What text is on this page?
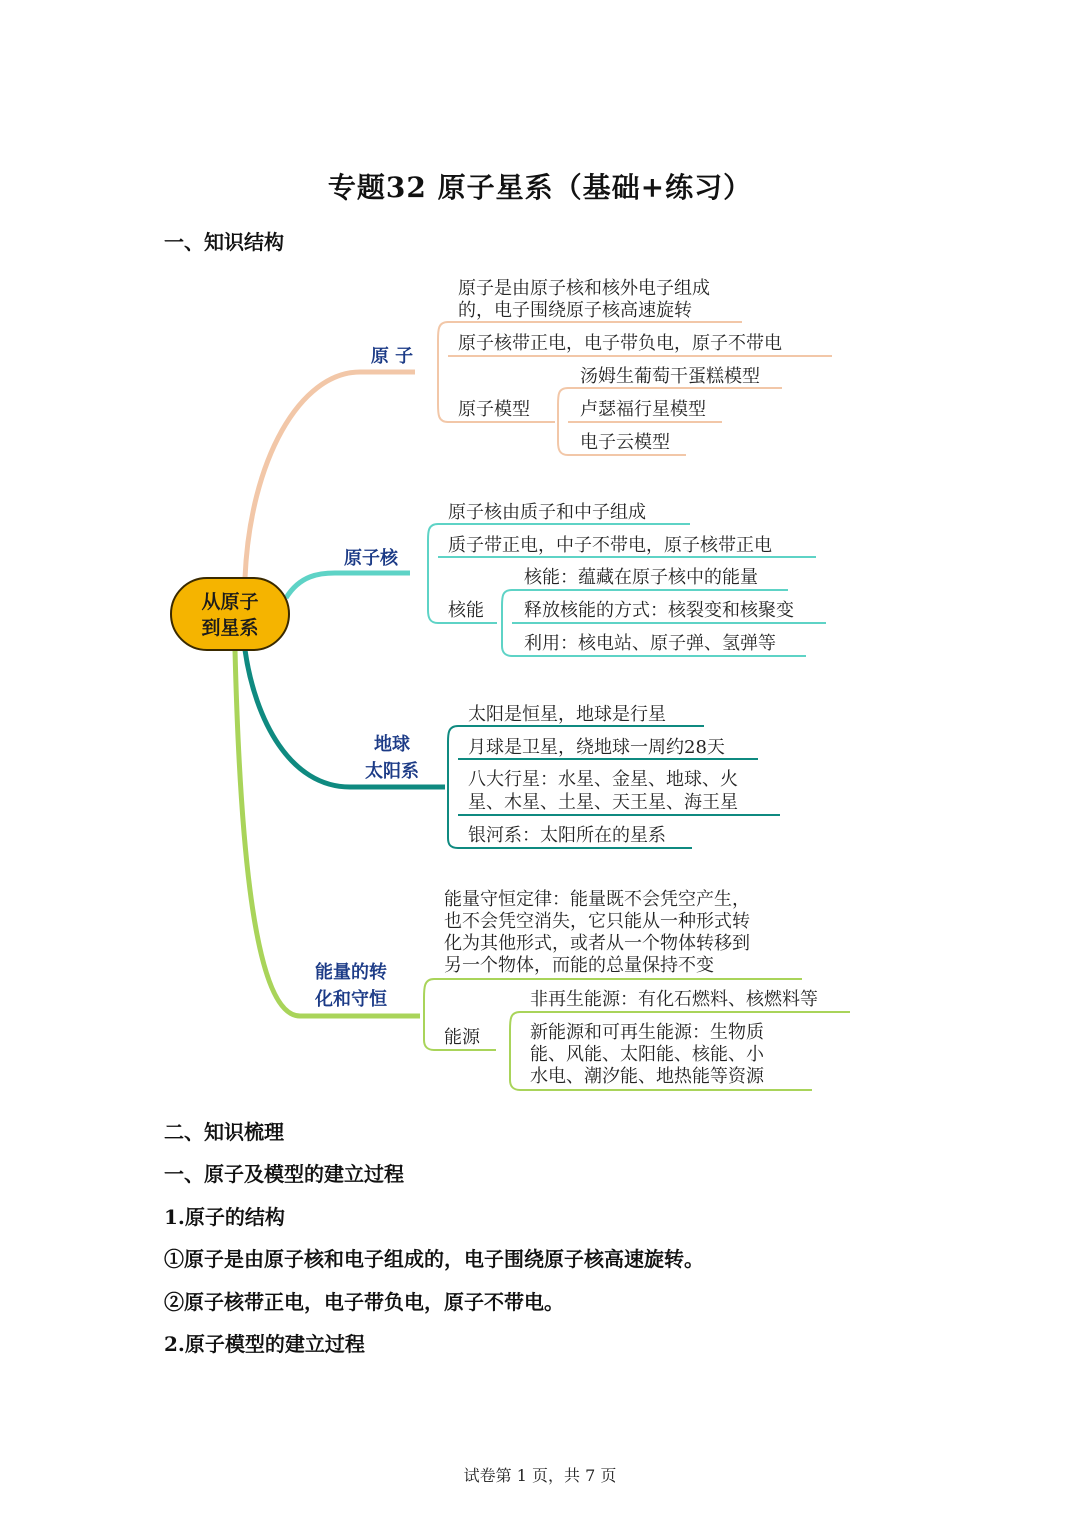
专题32 原子星系（基础+练习）
一、知识结构
从原子
到星系
原 子
原子是由原子核和核外电子组成
的，电子围绕原子核高速旋转
原子核带正电，电子带负电，原子不带电
原子模型
汤姆生葡萄干蛋糕模型
卢瑟福行星模型
电子云模型
原子核
原子核由质子和中子组成
质子带正电，中子不带电，原子核带正电
核能
核能：蕴藏在原子核中的能量
释放核能的方式：核裂变和核聚变
利用：核电站、原子弹、氢弹等
地球
太阳系
太阳是恒星，地球是行星
月球是卫星，绕地球一周约28天
八大行星：水星、金星、地球、火
星、木星、土星、天王星、海王星
银河系：太阳所在的星系
能量的转
化和守恒
能量守恒定律：能量既不会凭空产生，
也不会凭空消失，它只能从一种形式转
化为其他形式，或者从一个物体转移到
另一个物体，而能的总量保持不变
能源
非再生能源：有化石燃料、核燃料等
新能源和可再生能源：生物质
能、风能、太阳能、核能、小
水电、潮汐能、地热能等资源
二、知识梳理
一、原子及模型的建立过程
1.原子的结构
①原子是由原子核和电子组成的，电子围绕原子核高速旋转。
②原子核带正电，电子带负电，原子不带电。
2.原子模型的建立过程
试卷第 1 页，共 7 页
